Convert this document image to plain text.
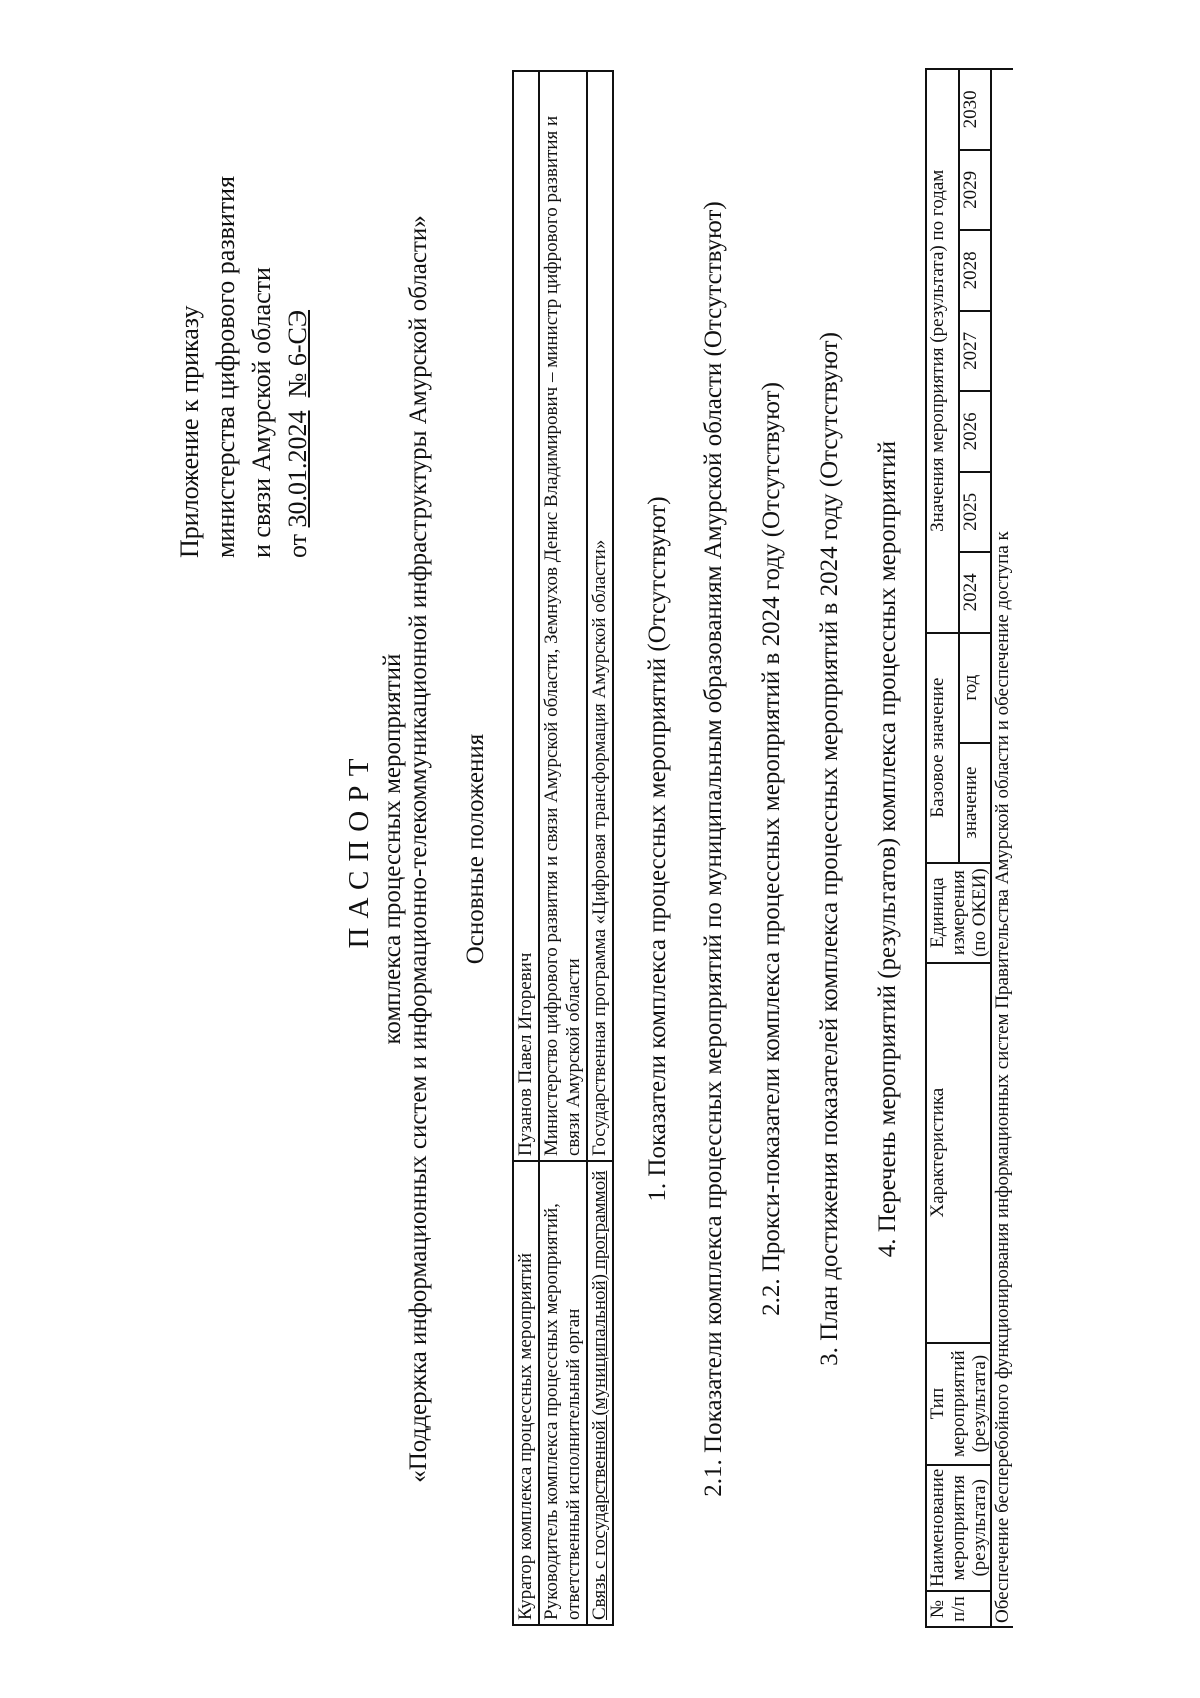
Приложение к приказу министерства цифрового развития и связи Амурской области от 30.01.2024  № 6-СЭ
ПАСПОРТ комплекса процессных мероприятий «Поддержка информационных систем и информационно-телекоммуникационной инфраструктуры Амурской области» Основные положения
Куратор комплекса процессных мероприятий	Пузанов Павел Игоревич
Руководитель комплекса процессных мероприятий, ответственный исполнительный орган	Министерство цифрового развития и связи Амурской области, Земнухов Денис Владимирович – министр цифрового развития и связи Амурской области
Связь с государственной (муниципальной) программой	Государственная программа «Цифровая трансформация Амурской области» 1. Показатели комплекса процессных мероприятий (Отсутствуют) 2.1. Показатели комплекса процессных мероприятий по муниципальным образованиям Амурской области (Отсутствуют) 2.2. Прокси-показатели комплекса процессных мероприятий в 2024 году (Отсутствуют) 3. План достижения показателей комплекса процессных мероприятий в 2024 году (Отсутствуют) 4. Перечень мероприятий (результатов) комплекса процессных мероприятий
№ п/п	Наименование мероприятия (результата)	Тип мероприятий (результата)	Характеристика	Единица измерения (по ОКЕИ)	Базовое значение		Значения мероприятия (результата) по годам						
					значение	год	2024	2025	2026	2027	2028	2029	2030
Обеспечение бесперебойного функционирования информационных систем Правительства Амурской области и обеспечение доступа к													
